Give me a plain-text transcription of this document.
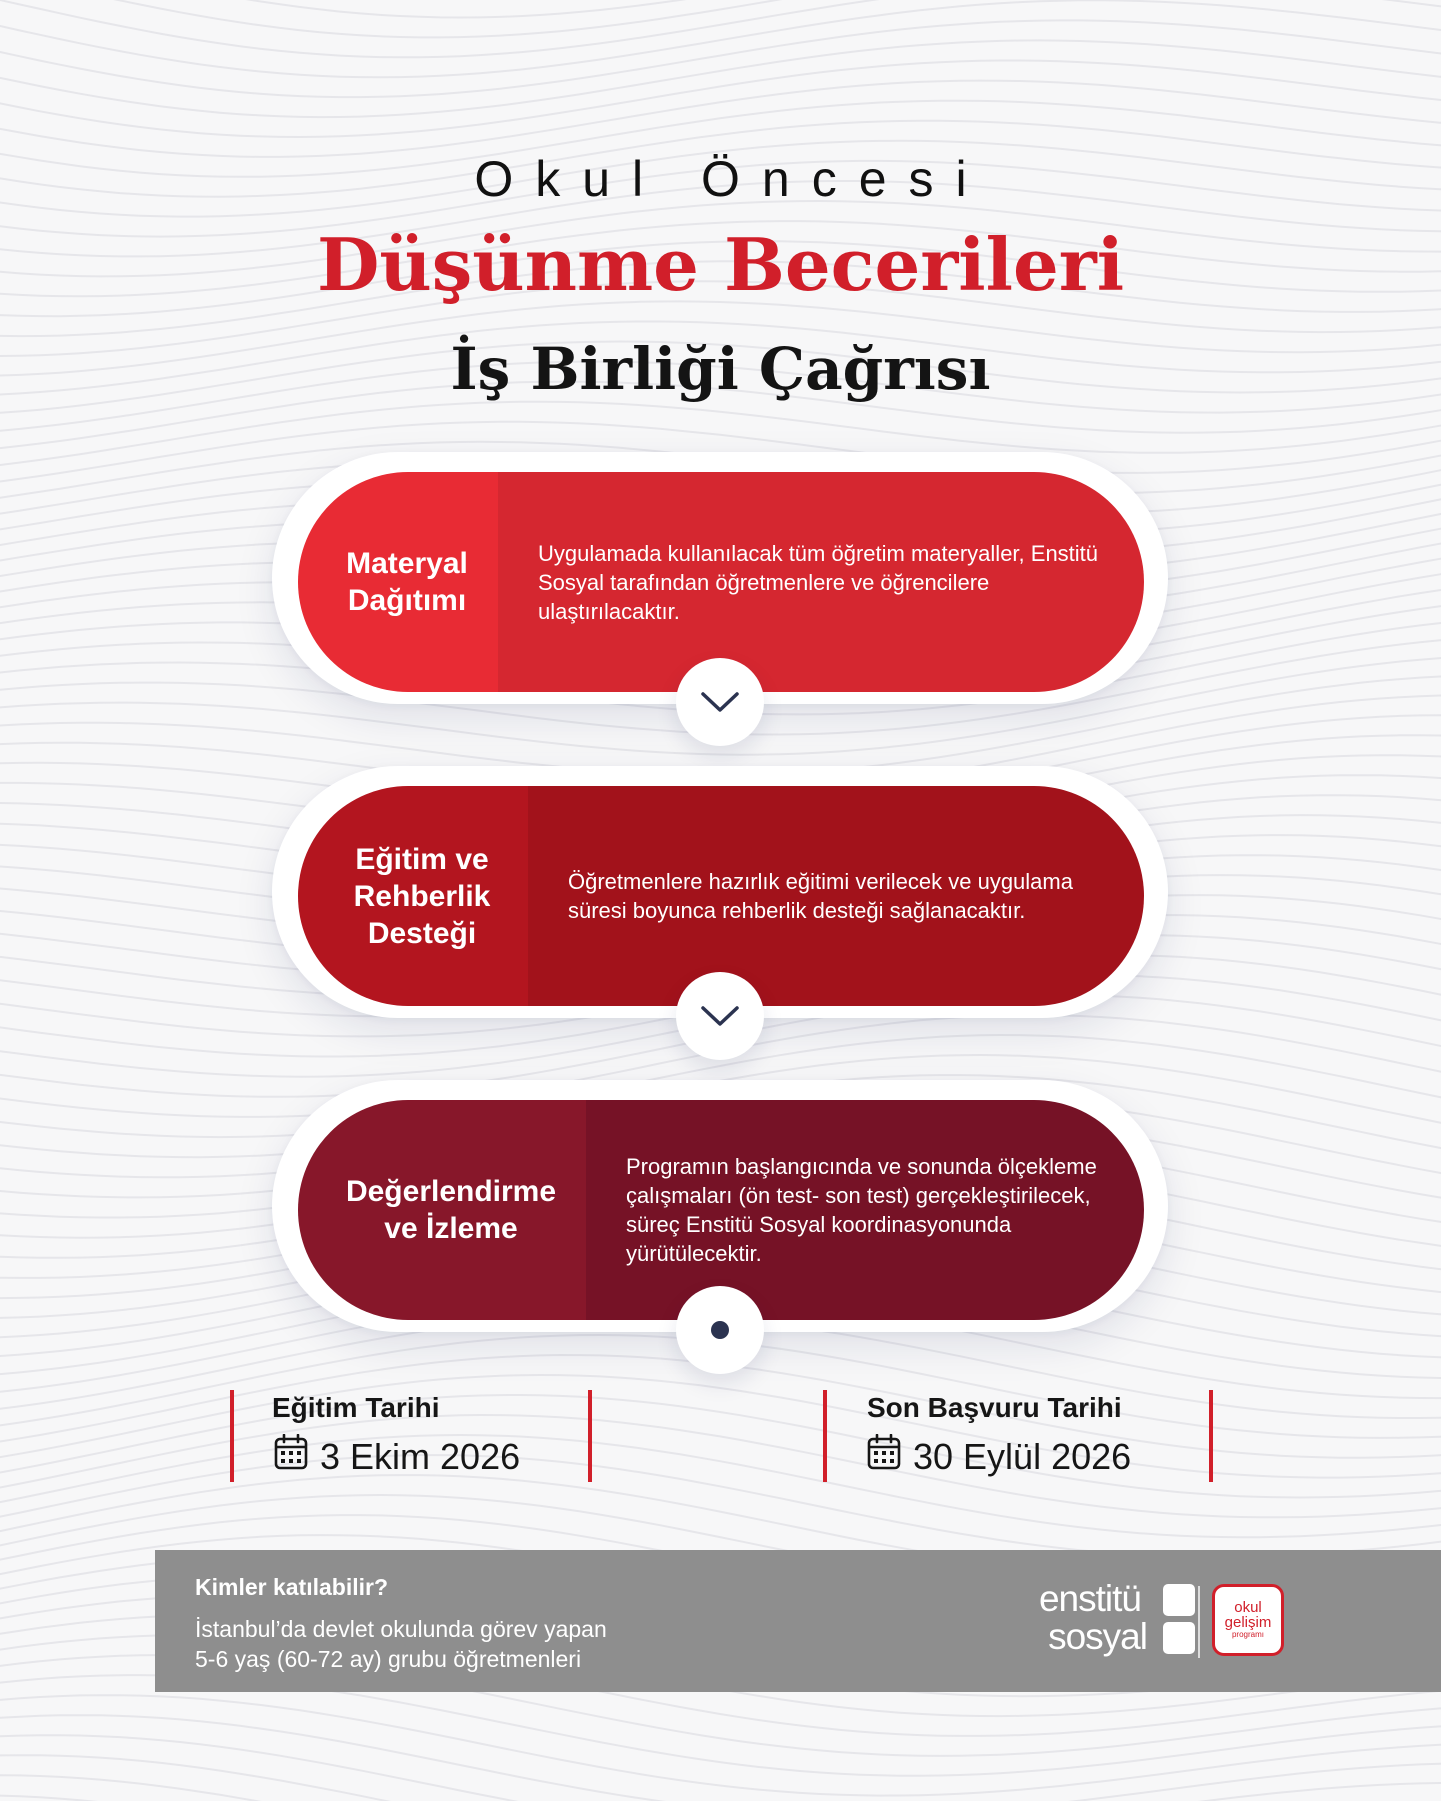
Okul Öncesi
Düşünme Becerileri
İş Birliği Çağrısı
Materyal
Dağıtımı
Uygulamada kullanılacak tüm öğretim materyaller, Enstitü Sosyal tarafından öğretmenlere ve öğrencilere ulaştırılacaktır.
Eğitim ve
Rehberlik
Desteği
Öğretmenlere hazırlık eğitimi verilecek ve uygulama süresi boyunca rehberlik desteği sağlanacaktır.
Değerlendirme
ve İzleme
Programın başlangıcında ve sonunda ölçekleme çalışmaları (ön test- son test) gerçekleştirilecek, süreç Enstitü Sosyal koordinasyonunda yürütülecektir.
Eğitim Tarihi
3 Ekim 2026
Son Başvuru Tarihi
30 Eylül 2026
Kimler katılabilir?
İstanbul’da devlet okulunda görev yapan
5-6 yaş (60-72 ay) grubu öğretmenleri
enstitü
sosyal
okul
gelişim
programı
